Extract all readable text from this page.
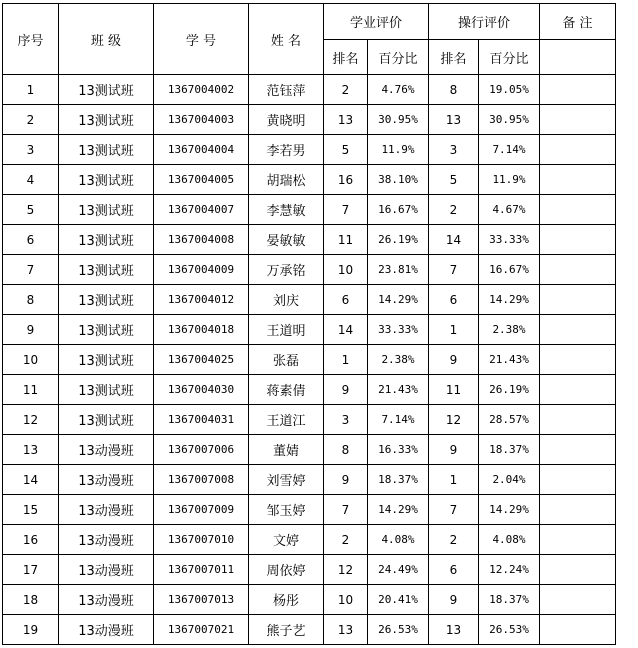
序号	班 级	学 号	姓 名	学业评价		操行评价		备 注
				排名	百分比	排名	百分比	
1	13测试班	1367004002	范钰萍	2	4.76%	8	19.05%	
2	13测试班	1367004003	黄晓明	13	30.95%	13	30.95%	
3	13测试班	1367004004	李若男	5	11.9%	3	7.14%	
4	13测试班	1367004005	胡瑞松	16	38.10%	5	11.9%	
5	13测试班	1367004007	李慧敏	7	16.67%	2	4.67%	
6	13测试班	1367004008	晏敏敏	11	26.19%	14	33.33%	
7	13测试班	1367004009	万承铭	10	23.81%	7	16.67%	
8	13测试班	1367004012	刘庆	6	14.29%	6	14.29%	
9	13测试班	1367004018	王道明	14	33.33%	1	2.38%	
10	13测试班	1367004025	张磊	1	2.38%	9	21.43%	
11	13测试班	1367004030	蒋素倩	9	21.43%	11	26.19%	
12	13测试班	1367004031	王道江	3	7.14%	12	28.57%	
13	13动漫班	1367007006	董婧	8	16.33%	9	18.37%	
14	13动漫班	1367007008	刘雪婷	9	18.37%	1	2.04%	
15	13动漫班	1367007009	邹玉婷	7	14.29%	7	14.29%	
16	13动漫班	1367007010	文婷	2	4.08%	2	4.08%	
17	13动漫班	1367007011	周依婷	12	24.49%	6	12.24%	
18	13动漫班	1367007013	杨彤	10	20.41%	9	18.37%	
19	13动漫班	1367007021	熊子艺	13	26.53%	13	26.53%	
